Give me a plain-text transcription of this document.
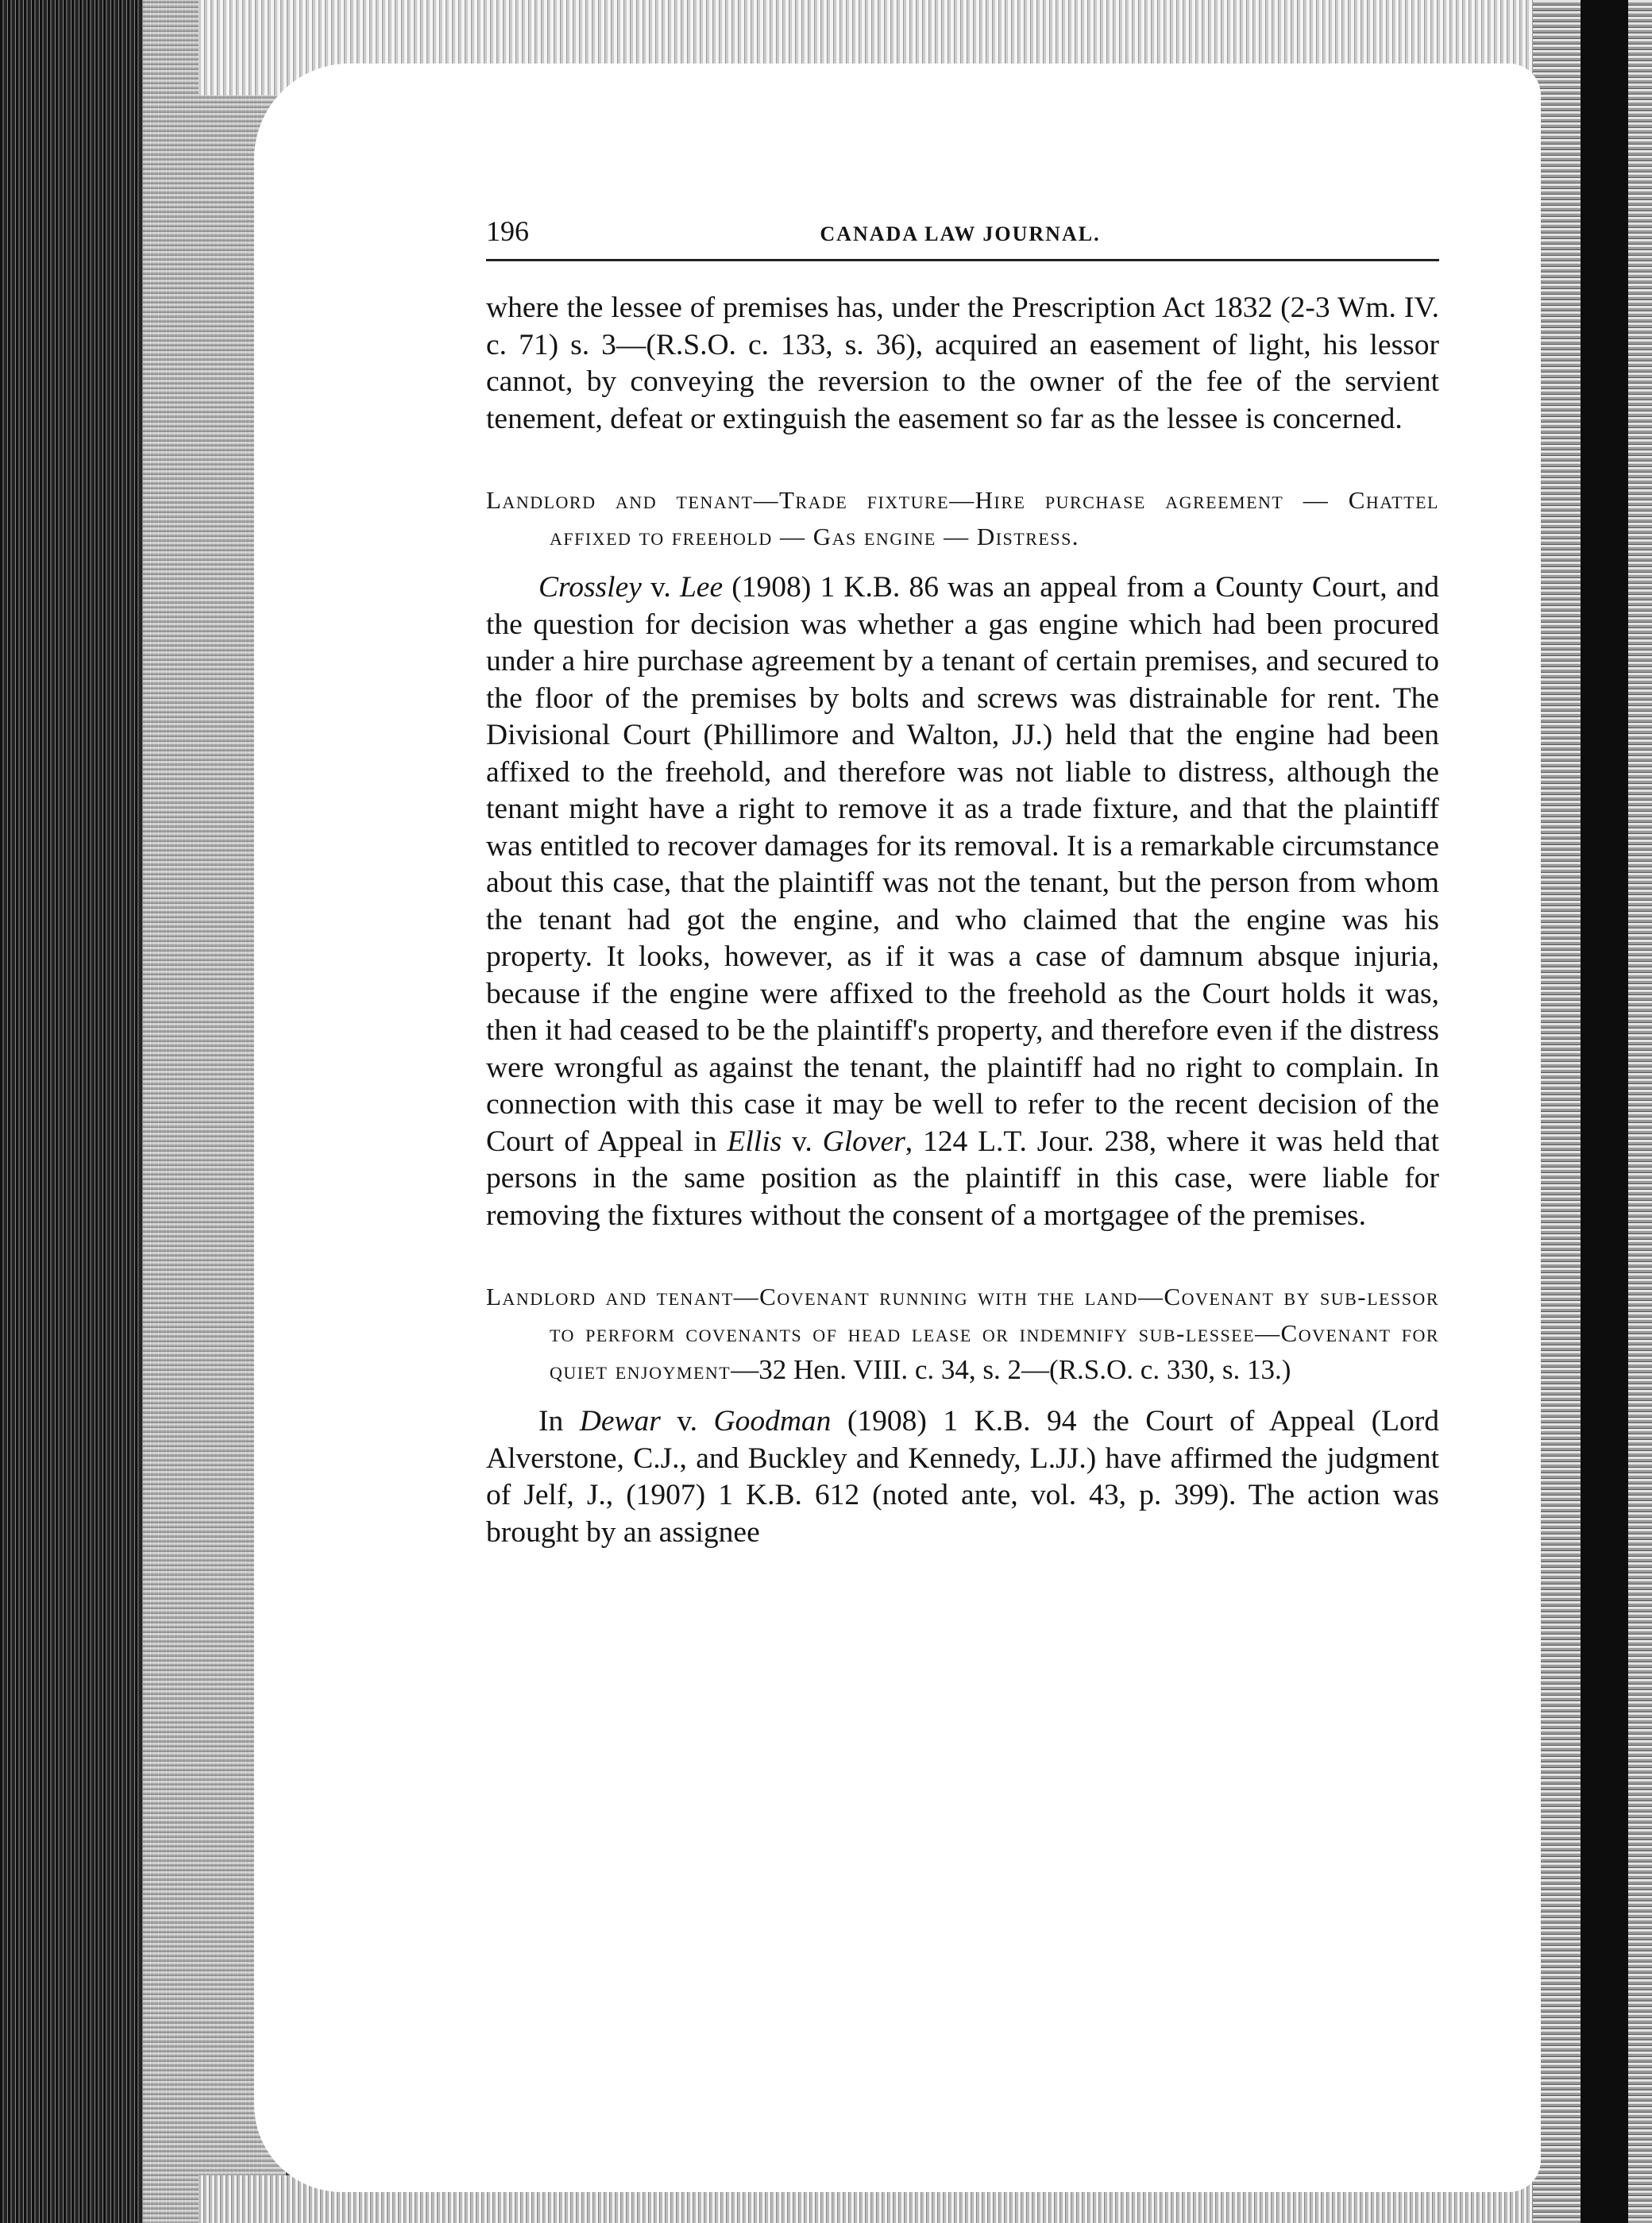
196	CANADA LAW JOURNAL.

where the lessee of premises has, under the Prescription Act 1832 (2-3 Wm. IV. c. 71) s. 3—(R.S.O. c. 133, s. 36), acquired an easement of light, his lessor cannot, by conveying the reversion to the owner of the fee of the servient tenement, defeat or extinguish the easement so far as the lessee is concerned.

Landlord and tenant—Trade fixture—Hire purchase agreement — Chattel affixed to freehold — Gas engine — Distress.

Crossley v. Lee (1908) 1 K.B. 86 was an appeal from a County Court, and the question for decision was whether a gas engine which had been procured under a hire purchase agreement by a tenant of certain premises, and secured to the floor of the premises by bolts and screws was distrainable for rent. The Divisional Court (Phillimore and Walton, JJ.) held that the engine had been affixed to the freehold, and therefore was not liable to distress, although the tenant might have a right to remove it as a trade fixture, and that the plaintiff was entitled to recover damages for its removal. It is a remarkable circumstance about this case, that the plaintiff was not the tenant, but the person from whom the tenant had got the engine, and who claimed that the engine was his property. It looks, however, as if it was a case of damnum absque injuria, because if the engine were affixed to the freehold as the Court holds it was, then it had ceased to be the plaintiff's property, and therefore even if the distress were wrongful as against the tenant, the plaintiff had no right to complain. In connection with this case it may be well to refer to the recent decision of the Court of Appeal in Ellis v. Glover, 124 L.T. Jour. 238, where it was held that persons in the same position as the plaintiff in this case, were liable for removing the fixtures without the consent of a mortgagee of the premises.

Landlord and tenant—Covenant running with the land—Covenant by sub-lessor to perform covenants of head lease or indemnify sub-lessee—Covenant for quiet enjoyment—32 Hen. VIII. c. 34, s. 2—(R.S.O. c. 330, s. 13.)

In Dewar v. Goodman (1908) 1 K.B. 94 the Court of Appeal (Lord Alverstone, C.J., and Buckley and Kennedy, L.JJ.) have affirmed the judgment of Jelf, J., (1907) 1 K.B. 612 (noted ante, vol. 43, p. 399). The action was brought by an assignee
